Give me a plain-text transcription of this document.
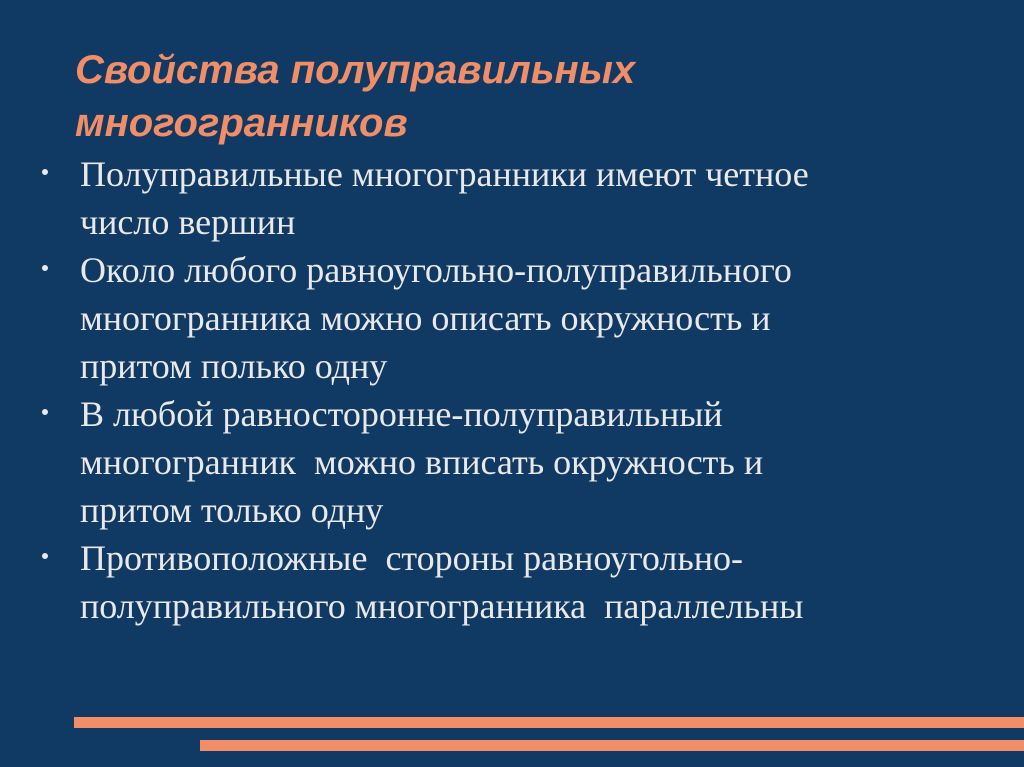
Свойства полуправильных
многогранников
Полуправильные многогранники имеют четное
число вершин
Около любого равноугольно-полуправильного
многогранника можно описать окружность и
притом полько одну
В любой равносторонне-полуправильный
многогранник  можно вписать окружность и
притом только одну
Противоположные  стороны равноугольно-
полуправильного многогранника  параллельны
